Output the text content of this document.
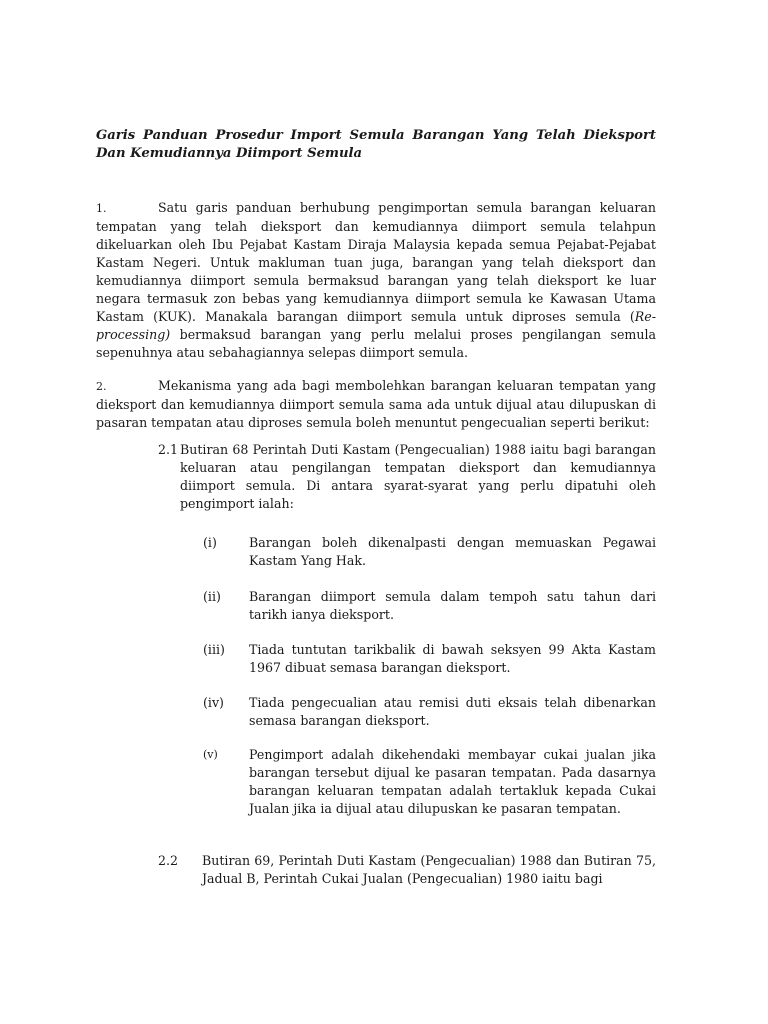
Garis Panduan Prosedur Import Semula Barangan Yang Telah Dieksport Dan Kemudiannya Diimport Semula
1.	Satu garis panduan berhubung pengimportan semula barangan keluaran tempatan yang telah dieksport dan kemudiannya diimport semula telahpun dikeluarkan oleh Ibu Pejabat Kastam Diraja Malaysia kepada semua Pejabat-Pejabat Kastam Negeri. Untuk makluman tuan juga, barangan yang telah dieksport dan kemudiannya diimport semula bermaksud barangan yang telah dieksport ke luar negara termasuk zon bebas yang kemudiannya diimport semula ke Kawasan Utama Kastam (KUK). Manakala barangan diimport semula untuk diproses semula (Re-processing) bermaksud barangan yang perlu melalui proses pengilangan semula sepenuhnya atau sebahagiannya selepas diimport semula.
2.	Mekanisma yang ada bagi membolehkan barangan keluaran tempatan yang dieksport dan kemudiannya diimport semula sama ada untuk dijual atau dilupuskan di pasaran tempatan atau diproses semula boleh menuntut pengecualian seperti berikut:
2.1 Butiran 68 Perintah Duti Kastam (Pengecualian) 1988 iaitu bagi barangan keluaran atau pengilangan tempatan dieksport dan kemudiannya diimport semula. Di antara syarat-syarat yang perlu dipatuhi oleh pengimport ialah:
(i)	Barangan boleh dikenalpasti dengan memuaskan Pegawai Kastam Yang Hak.
(ii) Barangan diimport semula dalam tempoh satu tahun dari tarikh ianya dieksport.
(iii) Tiada tuntutan tarikbalik di bawah seksyen 99 Akta Kastam 1967 dibuat semasa barangan dieksport.
(iv) Tiada pengecualian atau remisi duti eksais telah dibenarkan semasa barangan dieksport.
(v) Pengimport adalah dikehendaki membayar cukai jualan jika barangan tersebut dijual ke pasaran tempatan. Pada dasarnya barangan keluaran tempatan adalah tertakluk kepada Cukai Jualan jika ia dijual atau dilupuskan ke pasaran tempatan.
2.2 Butiran 69, Perintah Duti Kastam (Pengecualian) 1988 dan Butiran 75, Jadual B, Perintah Cukai Jualan (Pengecualian) 1980 iaitu bagi
